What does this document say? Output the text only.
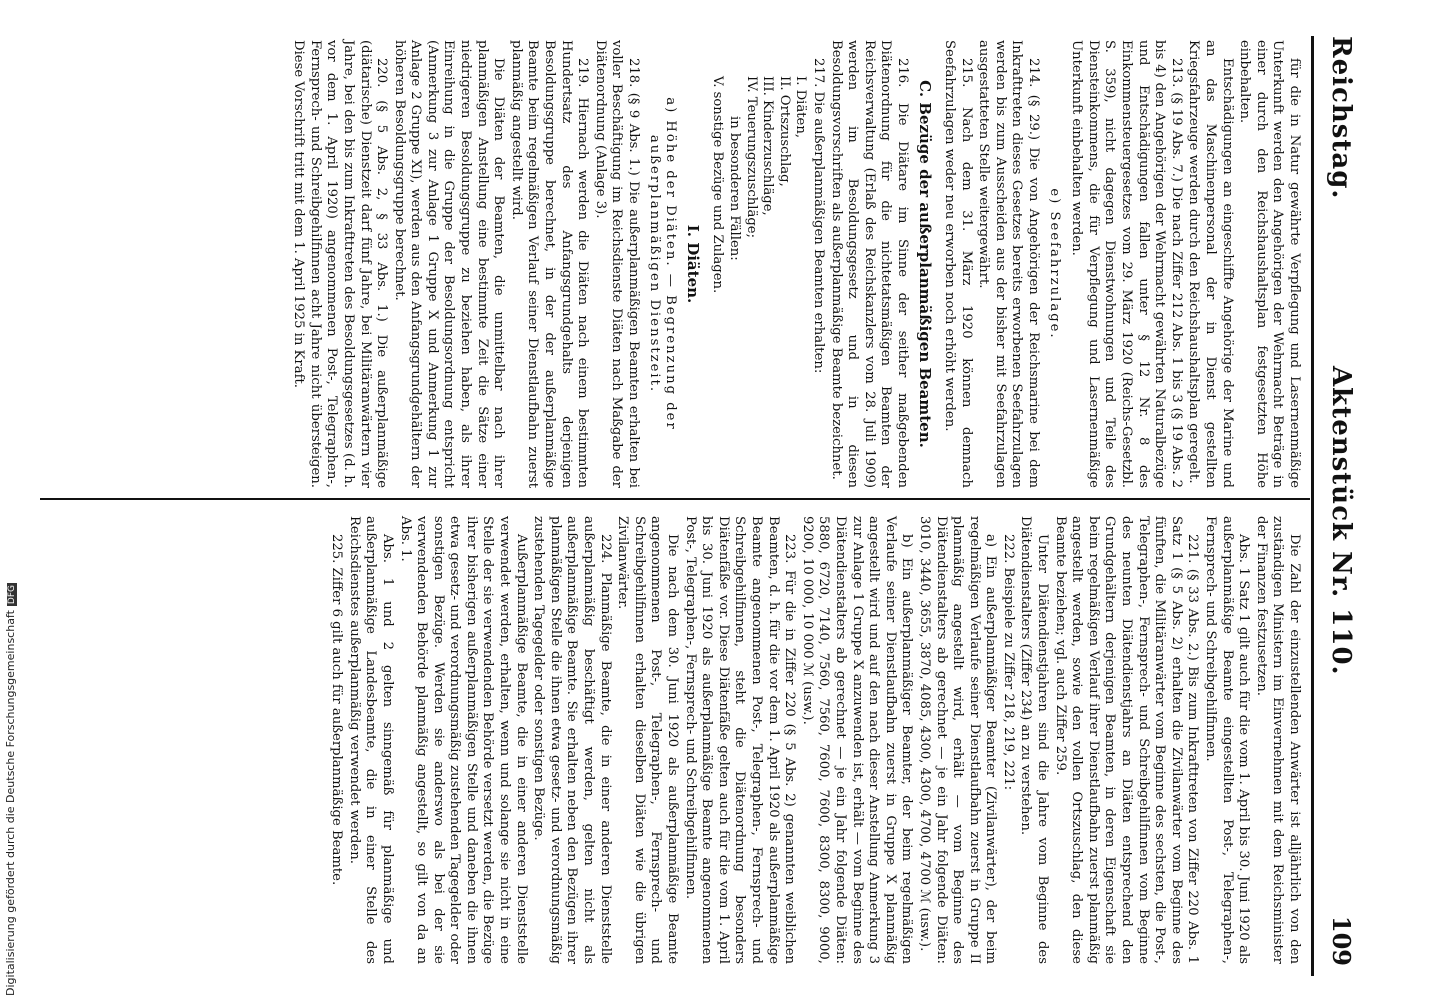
Reichstag.
Aktenstück Nr. 110.
109

für die in Natur gewährte Verpflegung und Lasernenmäßige Unterkunft werden den Angehörigen der Wehrmacht Beträge in einer durch den Reichshaushaltsplan festgesetzten Höhe einbehalten.

Entschädigungen an eingeschiffte Angehörige der Marine und an das Maschinenpersonal der in Dienst gestellten Kriegsfahrzeuge werden durch den Reichshaushaltsplan geregelt.

213. (§ 19 Abs. 7.) Die nach Ziffer 212 Abs. 1 bis 3 (§ 19 Abs. 2 bis 4) den Angehörigen der Wehrmacht gewährten Naturalbezüge und Entschädigungen fallen unter § 12 Nr. 8 des Einkommensteuergesetzes vom 29. März 1920 (Reichs-Gesetzbl. S. 359), nicht dagegen Dienstwohnungen und Teile des Diensteinkommens, die für Verpflegung und Lasernenmäßige Unterkunft einbehalten werden.

e) Seefahrzulage.

214. (§ 29.) Die von Angehörigen der Reichsmarine bei dem Inkrafttreten dieses Gesetzes bereits erworbenen Seefahrzulagen werden bis zum Ausscheiden aus der bisher mit Seefahrzulagen ausgestatteten Stelle weitergewährt.

215. Nach dem 31. März 1920 können demnach Seefahrzulagen weder neu erworben noch erhöht werden.

C. Bezüge der außerplanmäßigen Beamten.

216. Die Diätare im Sinne der seither maßgebenden Diätenordnung für die nichtetatsmäßigen Beamten der Reichsverwaltung (Erlaß des Reichskanzlers vom 28. Juli 1909) werden im Besoldungsgesetz und in diesen Besoldungsvorschriften als außerplanmäßige Beamte bezeichnet.

217. Die außerplanmäßigen Beamten erhalten:

I. Diäten,
II. Ortszuschlag,
III. Kinderzuschläge,
IV. Teuerungszuschläge;
in besonderen Fällen:
V. sonstige Bezüge und Zulagen.

I. Diäten.

a) Höhe der Diäten. — Begrenzung der außerplanmäßigen Dienstzeit.

218. (§ 9 Abs. 1.) Die außerplanmäßigen Beamten erhalten bei voller Beschäftigung im Reichsdienste Diäten nach Maßgabe der Diätenordnung (Anlage 3).

219. Hiernach werden die Diäten nach einem bestimmten Hundertsatz des Anfangsgrundgehalts derjenigen Besoldungsgruppe berechnet, in der der außerplanmäßige Beamte beim regelmäßigen Verlauf seiner Dienstlaufbahn zuerst planmäßig angestellt wird.

Die Diäten der Beamten, die unmittelbar nach ihrer planmäßigen Anstellung eine bestimmte Zeit die Sätze einer niedrigeren Besoldungsgruppe zu beziehen haben, als ihrer Einreihung in die Gruppe der Besoldungsordnung entspricht (Anmerkung 3 zur Anlage 1 Gruppe X und Anmerkung 1 zur Anlage 2 Gruppe XI), werden aus den Anfangsgrundgehältern der höheren Besoldungsgruppe berechnet.

220. (§ 5 Abs. 2, § 33 Abs. 1.) Die außerplanmäßige (diätarische) Dienstzeit darf fünf Jahre, bei Militäranwärtern vier Jahre, bei den bis zum Inkrafttreten des Besoldungsgesetzes (d. h. vor dem 1. April 1920) angenommenen Post-, Telegraphen-, Fernsprech- und Schreibgehilfinnen acht Jahre nicht übersteigen. Diese Vorschrift tritt mit dem 1. April 1925 in Kraft.

Die Zahl der einzustellenden Anwärter ist alljährlich von den zuständigen Ministern im Einvernehmen mit dem Reichsminister der Finanzen festzusetzen.

Abs. 1 Satz 1 gilt auch für die vom 1. April bis 30. Juni 1920 als außerplanmäßige Beamte eingestellten Post-, Telegraphen-, Fernsprech- und Schreibgehilfinnen.

221. (§ 33 Abs. 2.) Bis zum Inkrafttreten von Ziffer 220 Abs. 1 Satz 1 (§ 5 Abs. 2) erhalten die Zivilanwärter vom Beginne des fünften, die Militäranwärter vom Beginne des sechsten, die Post-, Telegraphen-, Fernsprech- und Schreibgehilfinnen vom Beginne des neunten Diätendienstjahrs an Diäten entsprechend den Grundgehältern derjenigen Beamten, in deren Eigenschaft sie beim regelmäßigen Verlauf ihrer Dienstlaufbahn zuerst planmäßig angestellt werden, sowie den vollen Ortszuschlag, den diese Beamte beziehen; vgl. auch Ziffer 259.

Unter Diätendienstjahren sind die Jahre vom Beginne des Diätendienstalters (Ziffer 234) an zu verstehen.

222. Beispiele zu Ziffer 218, 219, 221:

a) Ein außerplanmäßiger Beamter (Zivilanwärter), der beim regelmäßigen Verlaufe seiner Dienstlaufbahn zuerst in Gruppe II planmäßig angestellt wird, erhält — vom Beginne des Diätendienstalters ab gerechnet — je ein Jahr folgende Diäten: 3010, 3440, 3655, 3870, 4085, 4300, 4300, 4700, 4700 ℳ (usw.).

b) Ein außerplanmäßiger Beamter, der beim regelmäßigen Verlaufe seiner Dienstlaufbahn zuerst in Gruppe X planmäßig angestellt wird und auf den nach dieser Anstellung Anmerkung 3 zur Anlage 1 Gruppe X anzuwenden ist, erhält — vom Beginne des Diätendienstalters ab gerechnet — je ein Jahr folgende Diäten: 5880, 6720, 7140, 7560, 7560, 7600, 7600, 8300, 8300, 9000, 9200, 10 000, 10 000 ℳ (usw.).

223. Für die in Ziffer 220 (§ 5 Abs. 2) genannten weiblichen Beamten, d. h. für die vor dem 1. April 1920 als außerplanmäßige Beamte angenommenen Post-, Telegraphen-, Fernsprech- und Schreibgehilfinnen, steht die Diätenordnung besonders Diätenfäße vor. Diese Diätenfäße gelten auch für die vom 1. April bis 30. Juni 1920 als außerplanmäßige Beamte angenommenen Post-, Telegraphen-, Fernsprech- und Schreibgehilfinnen.

Die nach dem 30. Juni 1920 als außerplanmäßige Beamte angenommenen Post-, Telegraphen-, Fernsprech- und Schreibgehilfinnen erhalten dieselben Diäten wie die übrigen Zivilanwärter.

224. Planmäßige Beamte, die in einer anderen Dienststelle außerplanmäßig beschäftigt werden, gelten nicht als außerplanmäßige Beamte. Sie erhalten neben den Bezügen ihrer planmäßigen Stelle die ihnen etwa gesetz- und verordnungsmäßig zustehenden Tagegelder oder sonstigen Bezüge.

Außerplanmäßige Beamte, die in einer anderen Dienststelle verwendet werden, erhalten, wenn und solange sie nicht in eine Stelle der sie verwendenden Behörde versetzt werden, die Bezüge ihrer bisherigen außerplanmäßigen Stelle und daneben die ihnen etwa gesetz- und verordnungsmäßig zustehenden Tagegelder oder sonstigen Bezüge. Werden sie anderswo als bei der sie verwendenden Behörde planmäßig angestellt, so gilt von da an Abs. 1.

Abs. 1 und 2 gelten sinngemäß für planmäßige und außerplanmäßige Landesbeamte, die in einer Stelle des Reichsdienstes außerplanmäßig verwendet werden.

225. Ziffer 6 gilt auch für außerplanmäßige Beamte.

Digitalisierung gefördert durch die Deutsche ForschungsgemeinschaftDFG
